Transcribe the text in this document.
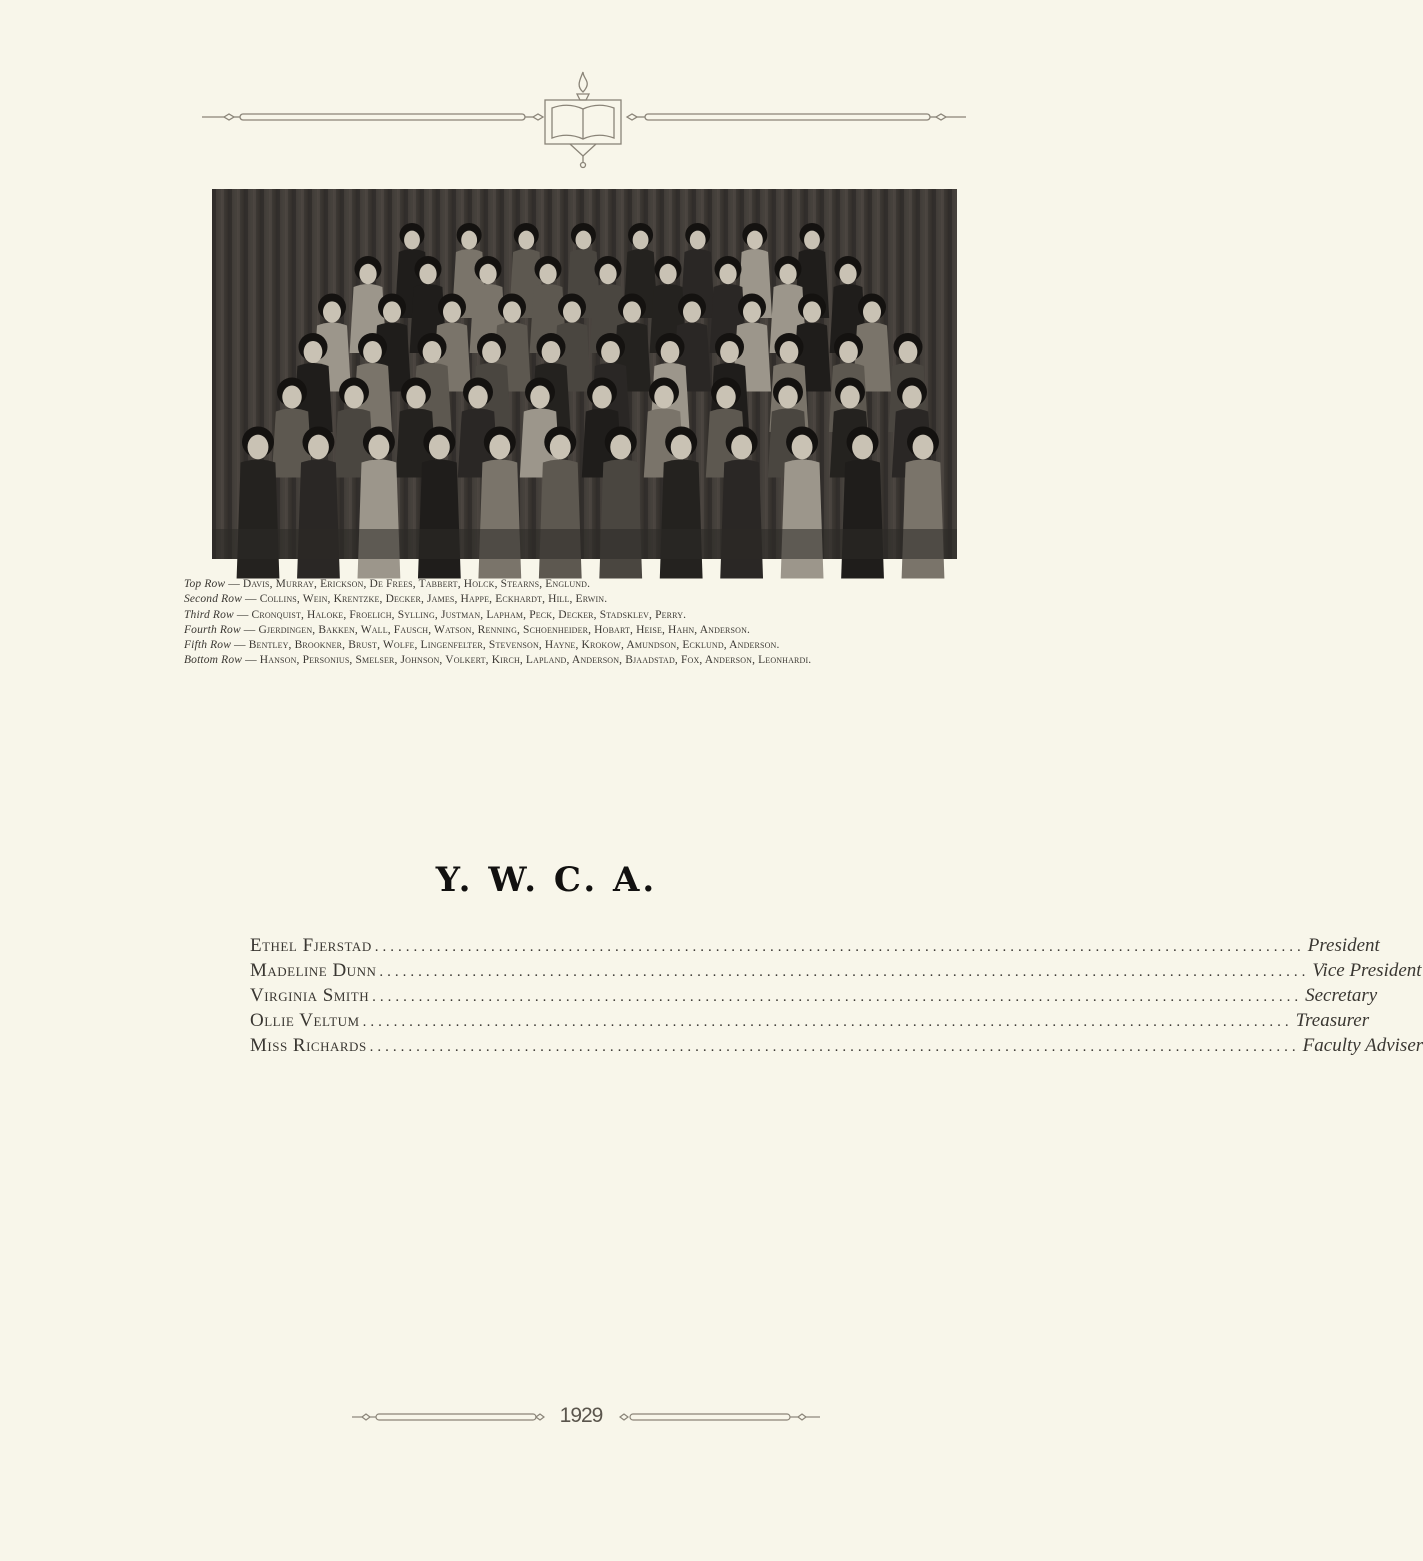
Top Row — Davis, Murray, Erickson, De Frees, Tabbert, Holck, Stearns, Englund.

Second Row — Collins, Wein, Krentzke, Decker, James, Happe, Eckhardt, Hill, Erwin.

Third Row — Cronquist, Haloke, Froelich, Sylling, Justman, Lapham, Peck, Decker, Stadsklev, Perry.

Fourth Row — Gjerdingen, Bakken, Wall, Fausch, Watson, Renning, Schoenheider, Hobart, Heise, Hahn, Anderson.

Fifth Row — Bentley, Brookner, Brust, Wolfe, Lingenfelter, Stevenson, Hayne, Krokow, Amundson, Ecklund, Anderson.

Bottom Row — Hanson, Personius, Smelser, Johnson, Volkert, Kirch, Lapland, Anderson, Bjaadstad, Fox, Anderson, Leonhardi.

Y. W. C. A.
Ethel Fjerstad ........................................................................................................................ President
Madeline Dunn ........................................................................................................................ Vice President
Virginia Smith ........................................................................................................................ Secretary
Ollie Veltum ........................................................................................................................ Treasurer
Miss Richards ........................................................................................................................ Faculty Adviser
1929
